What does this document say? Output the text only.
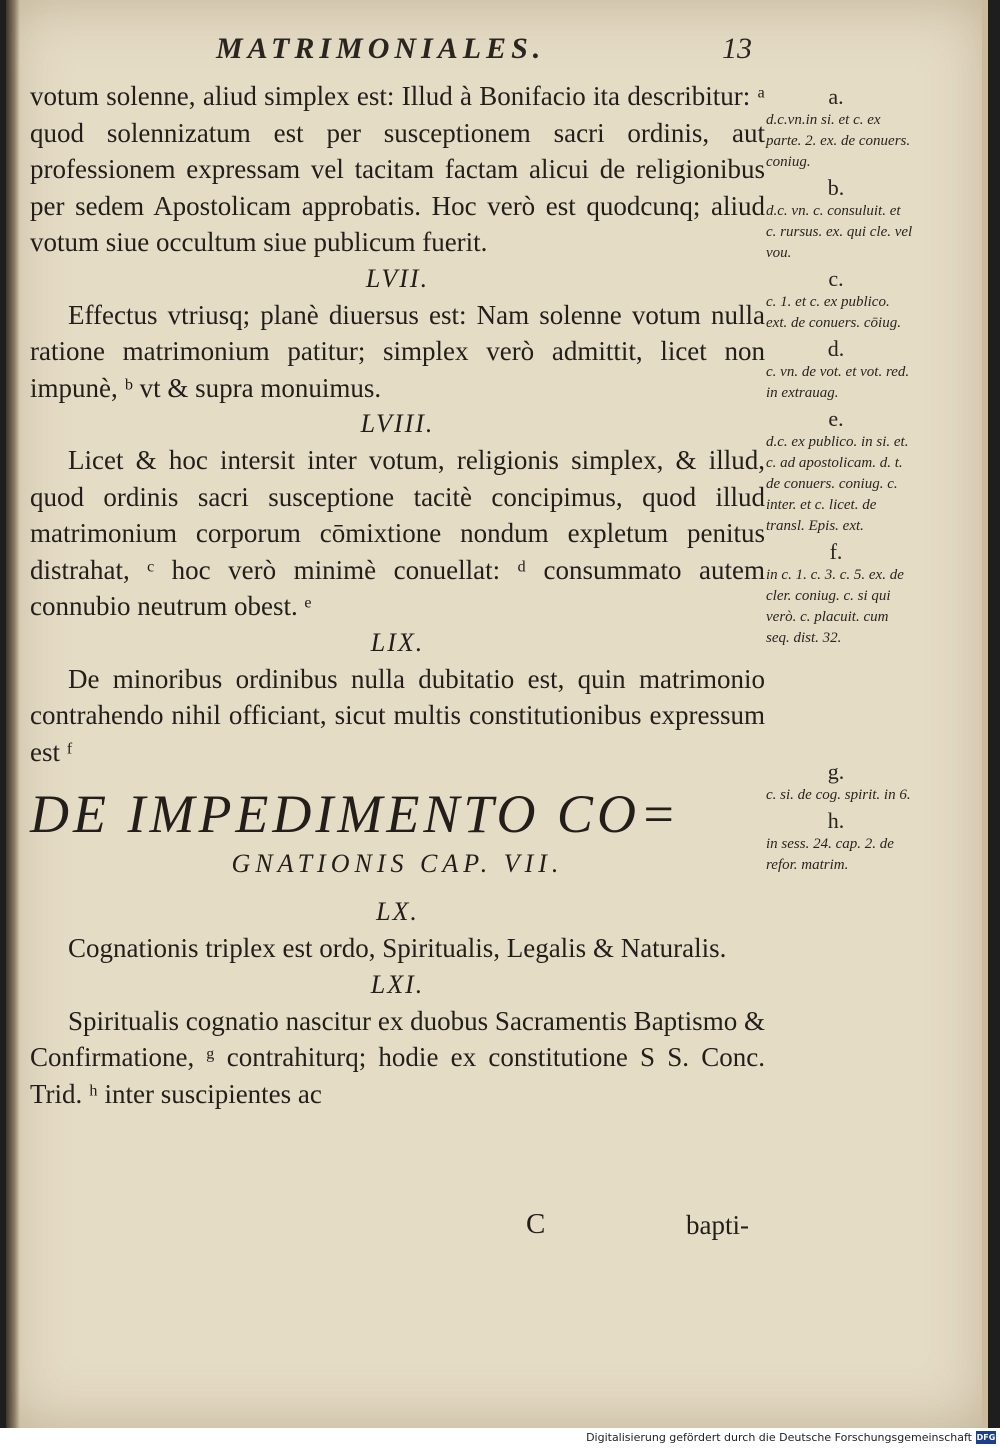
MATRIMONIALES.	13

votum solenne, aliud simplex est: Illud à Bonifacio ita describitur: ᵃ quod solennizatum est per susceptionem sacri ordinis, aut professionem expressam vel tacitam factam alicui de religionibus per sedem Apostolicam approbatis. Hoc verò est quodcunq; aliud votum siue occultum siue publicum fuerit.

LVII.

Effectus vtriusq; planè diuersus est: Nam solenne votum nulla ratione matrimonium patitur; simplex verò admittit, licet non impunè, ᵇ vt & supra monuimus.

LVIII.

Licet & hoc intersit inter votum, religionis simplex, & illud, quod ordinis sacri susceptione tacitè concipimus, quod illud matrimonium corporum cōmixtione nondum expletum penitus distrahat, ᶜ hoc verò minimè conuellat: ᵈ consummato autem connubio neutrum obest. ᵉ

LIX.

De minoribus ordinibus nulla dubitatio est, quin matrimonio contrahendo nihil officiant, sicut multis constitutionibus expressum est ᶠ

DE IMPEDIMENTO CO=
GNATIONIS CAP. VII.
LX.

Cognationis triplex est ordo, Spiritualis, Legalis & Naturalis.

LXI.

Spiritualis cognatio nascitur ex duobus Sacramentis Baptismo & Confirmatione, ᵍ contrahiturq; hodie ex constitutione S S. Conc. Trid. ʰ inter suscipientes ac

C	bapti-
a.
d.c.vn.in si. et c. ex parte. 2. ex. de conuers. coniug.
b.
d.c. vn. c. consuluit. et c. rursus. ex. qui cle. vel vou.
c.
c. 1. et c. ex publico. ext. de conuers. cōiug.
d.
c. vn. de vot. et vot. red. in extrauag.
e.
d.c. ex publico. in si. et. c. ad apostolicam. d. t. de conuers. coniug. c. inter. et c. licet. de transl. Epis. ext.
f.
in c. 1. c. 3. c. 5. ex. de cler. coniug. c. si qui verò. c. placuit. cum seq. dist. 32.
g.
c. si. de cog. spirit. in 6.
h.
in sess. 24. cap. 2. de refor. matrim.
Digitalisierung gefördert durch die Deutsche Forschungsgemeinschaft DFG
